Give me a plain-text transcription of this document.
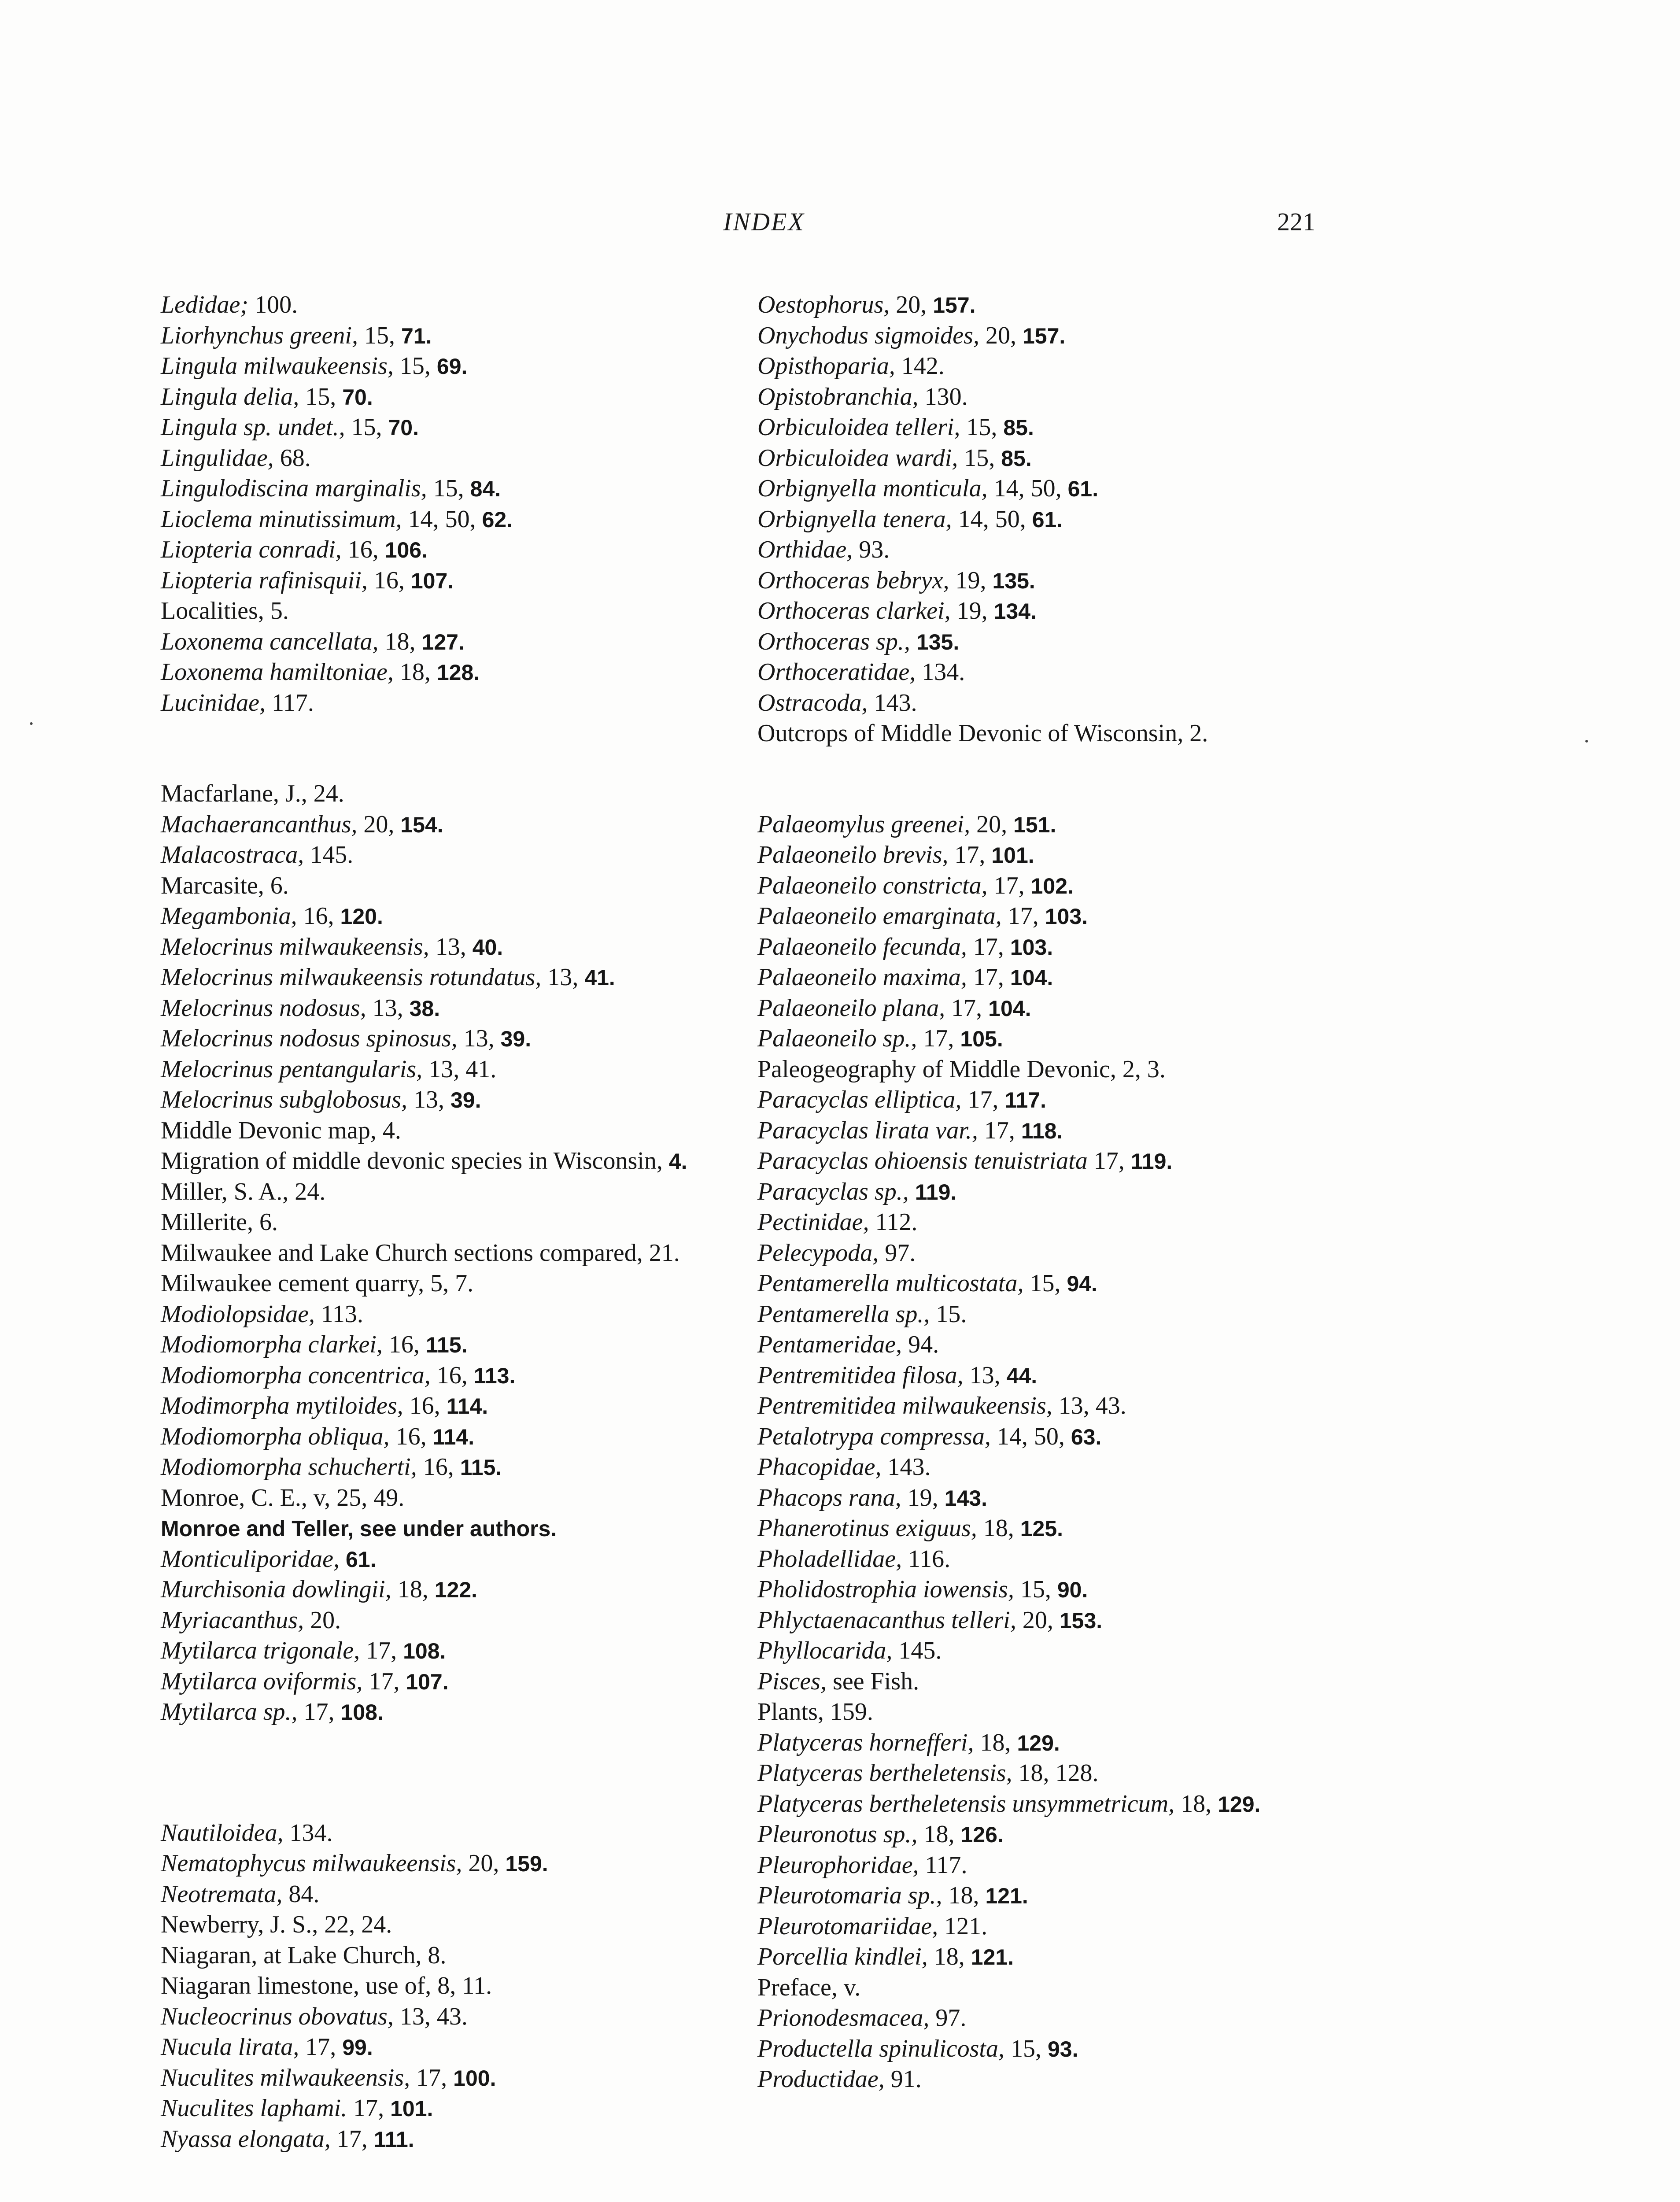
INDEX	221
Ledidae; 100.
Liorhynchus greeni, 15, 71.
Lingula milwaukeensis, 15, 69.
Lingula delia, 15, 70.
Lingula sp. undet., 15, 70.
Lingulidae, 68.
Lingulodiscina marginalis, 15, 84.
Lioclema minutissimum, 14, 50, 62.
Liopteria conradi, 16, 106.
Liopteria rafinisquii, 16, 107.
Localities, 5.
Loxonema cancellata, 18, 127.
Loxonema hamiltoniae, 18, 128.
Lucinidae, 117.
Macfarlane, J., 24.
Machaerancanthus, 20, 154.
Malacostraca, 145.
Marcasite, 6.
Megambonia, 16, 120.
Melocrinus milwaukeensis, 13, 40.
Melocrinus milwaukeensis rotundatus, 13, 41.
Melocrinus nodosus, 13, 38.
Melocrinus nodosus spinosus, 13, 39.
Melocrinus pentangularis, 13, 41.
Melocrinus subglobosus, 13, 39.
Middle Devonic map, 4.
Migration of middle devonic species in Wisconsin, 4.
Miller, S. A., 24.
Millerite, 6.
Milwaukee and Lake Church sections compared, 21.
Milwaukee cement quarry, 5, 7.
Modiolopsidae, 113.
Modiomorpha clarkei, 16, 115.
Modiomorpha concentrica, 16, 113.
Modimorpha mytiloides, 16, 114.
Modiomorpha obliqua, 16, 114.
Modiomorpha schucherti, 16, 115.
Monroe, C. E., v, 25, 49.
Monroe and Teller, see under authors.
Monticuliporidae, 61.
Murchisonia dowlingii, 18, 122.
Myriacanthus, 20.
Mytilarca trigonale, 17, 108.
Mytilarca oviformis, 17, 107.
Mytilarca sp., 17, 108.
Nautiloidea, 134.
Nematophycus milwaukeensis, 20, 159.
Neotremata, 84.
Newberry, J. S., 22, 24.
Niagaran, at Lake Church, 8.
Niagaran limestone, use of, 8, 11.
Nucleocrinus obovatus, 13, 43.
Nucula lirata, 17, 99.
Nuculites milwaukeensis, 17, 100.
Nuculites laphami. 17, 101.
Nyassa elongata, 17, 111.
Oestophorus, 20, 157.
Onychodus sigmoides, 20, 157.
Opisthoparia, 142.
Opistobranchia, 130.
Orbiculoidea telleri, 15, 85.
Orbiculoidea wardi, 15, 85.
Orbignyella monticula, 14, 50, 61.
Orbignyella tenera, 14, 50, 61.
Orthidae, 93.
Orthoceras bebryx, 19, 135.
Orthoceras clarkei, 19, 134.
Orthoceras sp., 135.
Orthoceratidae, 134.
Ostracoda, 143.
Outcrops of Middle Devonic of Wisconsin, 2.
Palaeomylus greenei, 20, 151.
Palaeoneilo brevis, 17, 101.
Palaeoneilo constricta, 17, 102.
Palaeoneilo emarginata, 17, 103.
Palaeoneilo fecunda, 17, 103.
Palaeoneilo maxima, 17, 104.
Palaeoneilo plana, 17, 104.
Palaeoneilo sp., 17, 105.
Paleogeography of Middle Devonic, 2, 3.
Paracyclas elliptica, 17, 117.
Paracyclas lirata var., 17, 118.
Paracyclas ohioensis tenuistriata 17, 119.
Paracyclas sp., 119.
Pectinidae, 112.
Pelecypoda, 97.
Pentamerella multicostata, 15, 94.
Pentamerella sp., 15.
Pentameridae, 94.
Pentremitidea filosa, 13, 44.
Pentremitidea milwaukeensis, 13, 43.
Petalotrypa compressa, 14, 50, 63.
Phacopidae, 143.
Phacops rana, 19, 143.
Phanerotinus exiguus, 18, 125.
Pholadellidae, 116.
Pholidostrophia iowensis, 15, 90.
Phlyctaenacanthus telleri, 20, 153.
Phyllocarida, 145.
Pisces, see Fish.
Plants, 159.
Platyceras hornefferi, 18, 129.
Platyceras bertheletensis, 18, 128.
Platyceras bertheletensis unsymmetricum, 18, 129.
Pleuronotus sp., 18, 126.
Pleurophoridae, 117.
Pleurotomaria sp., 18, 121.
Pleurotomariidae, 121.
Porcellia kindlei, 18, 121.
Preface, v.
Prionodesmacea, 97.
Productella spinulicosta, 15, 93.
Productidae, 91.
